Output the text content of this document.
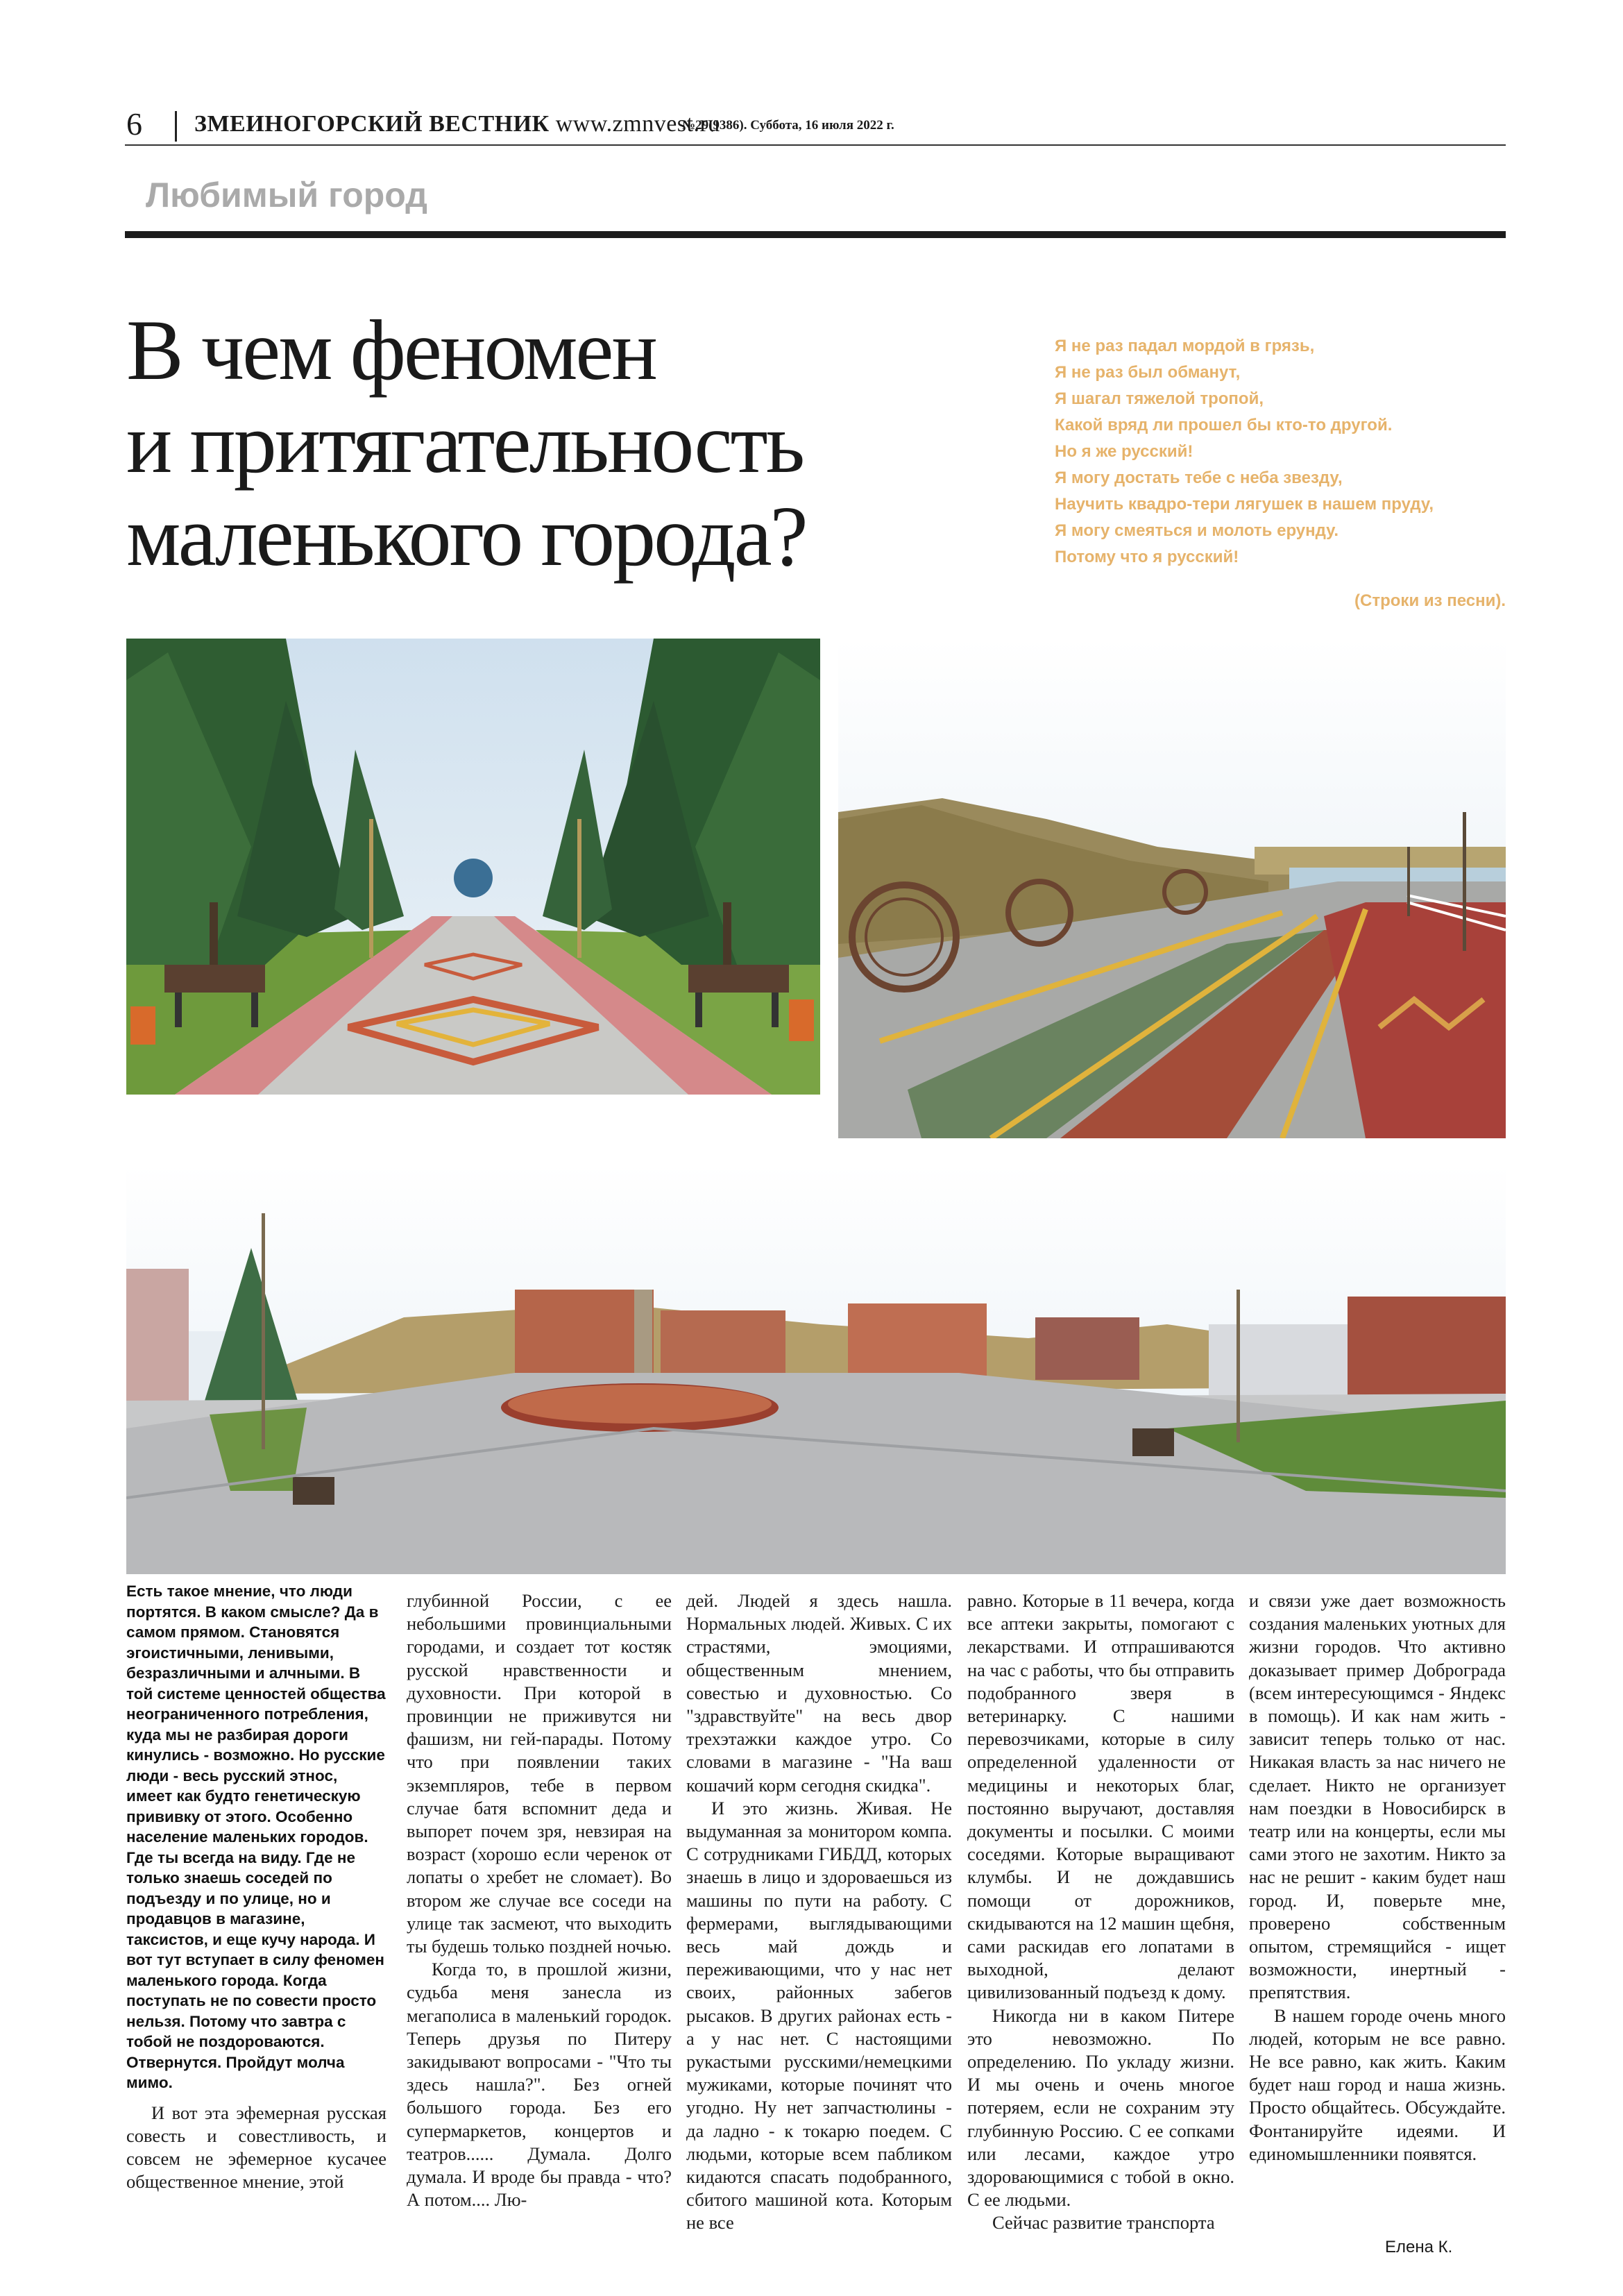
6 ЗМЕИНОГОРСКИЙ ВЕСТНИК www.zmnvest.ru
№29(9386). Суббота, 16 июля 2022 г.
Любимый город
В чем феномен
и притягательность
маленького города?
Я не раз падал мордой в грязь,
Я не раз был обманут,
Я шагал тяжелой тропой,
Какой вряд ли прошел бы кто-то другой.
Но я же русский!
Я могу достать тебе с неба звезду,
Научить квадро-тери лягушек в нашем пруду,
Я могу смеяться и молоть ерунду.
Потому что я русский!
(Строки из песни).

Есть такое мнение, что люди портятся. В каком смысле? Да в самом прямом. Становятся эгоистичными, ленивыми, безразличными и алчными. В той системе ценностей общества неограниченного потребления, куда мы не разбирая дороги кинулись - возможно. Но русские люди - весь русский этнос, имеет как будто генетическую прививку от этого. Особенно население маленьких городов. Где ты всегда на виду. Где не только знаешь соседей по подъезду и по улице, но и продавцов в магазине, таксистов, и еще кучу народа. И вот тут вступает в силу феномен маленького города. Когда поступать не по совести просто нельзя. Потому что завтра с тобой не поздороваются. Отвернутся. Пройдут молча мимо.

И вот эта эфемерная русская совесть и совестливость, и совсем не эфемерное кусачее общественное мнение, этой

глубинной России, с ее небольшими провинциальными городами, и создает тот костяк русской нравственности и духовности. При которой в провинции не приживутся ни фашизм, ни гей-парады. Потому что при появлении таких экземпляров, тебе в первом случае батя вспомнит деда и выпорет почем зря, невзирая на возраст (хорошо если черенок от лопаты о хребет не сломает). Во втором же случае все соседи на улице так засмеют, что выходить ты будешь только поздней ночью.

Когда то, в прошлой жизни, судьба меня занесла из мегаполиса в маленький городок. Теперь друзья по Питеру закидывают вопросами - "Что ты здесь нашла?". Без огней большого города. Без его супермаркетов, концертов и театров...... Думала. Долго думала. И вроде бы правда - что? А потом.... Лю-

дей. Людей я здесь нашла. Нормальных людей. Живых. С их страстями, эмоциями, общественным мнением, совестью и духовностью. Со "здравствуйте" на весь двор трехэтажки каждое утро. Со словами в магазине - "На ваш кошачий корм сегодня скидка".

И это жизнь. Живая. Не выдуманная за монитором компа. С сотрудниками ГИБДД, которых знаешь в лицо и здороваешься из машины по пути на работу. С фермерами, выглядывающими весь май дождь и переживающими, что у нас нет своих, районных забегов рысаков. В других районах есть - а у нас нет. С настоящими рукастыми русскими/немецкими мужиками, которые починят что угодно. Ну нет запчастюлины - да ладно - к токарю поедем. С людьми, которые всем пабликом кидаются спасать подобранного, сбитого машиной кота. Которым не все

равно. Которые в 11 вечера, когда все аптеки закрыты, помогают с лекарствами. И отпрашиваются на час с работы, что бы отправить подобранного зверя в ветеринарку. С нашими перевозчиками, которые в силу определенной удаленности от медицины и некоторых благ, постоянно выручают, доставляя документы и посылки. С моими соседями. Которые выращивают клумбы. И не дождавшись помощи от дорожников, скидываются на 12 машин щебня, сами раскидав его лопатами в выходной, делают цивилизованный подъезд к дому.

Никогда ни в каком Питере это невозможно. По определению. По укладу жизни. И мы очень и очень многое потеряем, если не сохраним эту глубинную Россию. С ее сопками или лесами, каждое утро здоровающимися с тобой в окно. С ее людьми.

Сейчас развитие транспорта

и связи уже дает возможность создания маленьких уютных для жизни городов. Что активно доказывает пример Доброграда (всем интересующимся - Яндекс в помощь). И как нам жить - зависит теперь только от нас. Никакая власть за нас ничего не сделает. Никто не организует нам поездки в Новосибирск в театр или на концерты, если мы сами этого не захотим. Никто за нас не решит - каким будет наш город. И, поверьте мне, проверено собственным опытом, стремящийся - ищет возможности, инертный - препятствия.

В нашем городе очень много людей, которым не все равно. Не все равно, как жить. Каким будет наш город и наша жизнь. Просто общайтесь. Обсуждайте. Фонтанируйте идеями. И единомышленники появятся.

Елена К.
